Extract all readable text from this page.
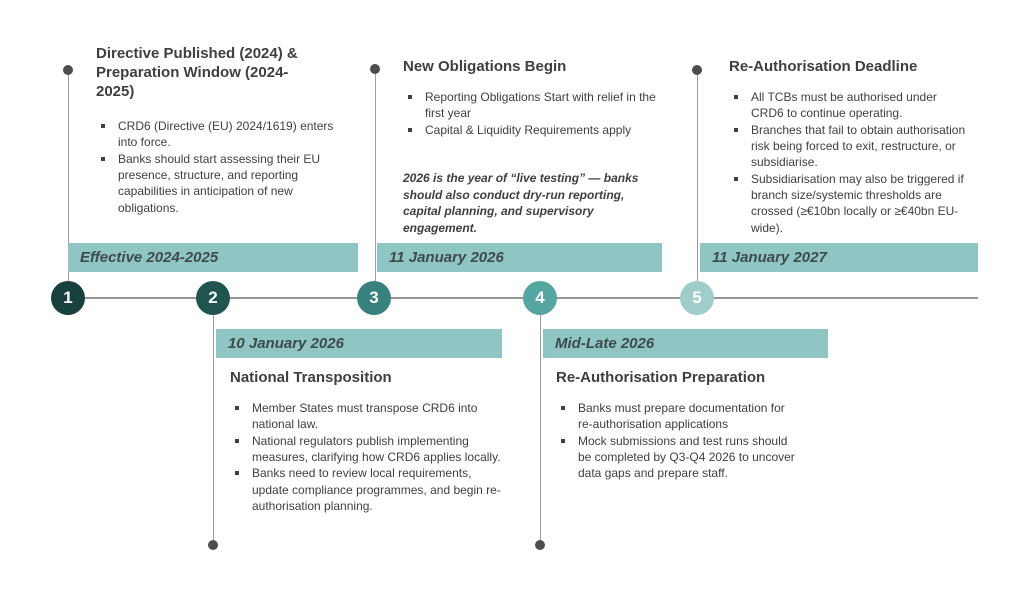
1	2	3	4	5
Directive Published (2024) & Preparation Window (2024-2025)
CRD6 (Directive (EU) 2024/1619) enters into force.
Banks should start assessing their EU presence, structure, and reporting capabilities in anticipation of new obligations.
Effective 2024-2025
10 January 2026
National Transposition
Member States must transpose CRD6 into national law.
National regulators publish implementing measures, clarifying how CRD6 applies locally.
Banks need to review local requirements, update compliance programmes, and begin re-authorisation planning.
New Obligations Begin
Reporting Obligations Start with relief in the first year
Capital & Liquidity Requirements apply
2026 is the year of “live testing” — banks should also conduct dry-run reporting, capital planning, and supervisory engagement.
11 January 2026
Mid-Late 2026
Re-Authorisation Preparation
Banks must prepare documentation for re-authorisation applications
Mock submissions and test runs should be completed by Q3-Q4 2026 to uncover data gaps and prepare staff.
Re-Authorisation Deadline
All TCBs must be authorised under CRD6 to continue operating.
Branches that fail to obtain authorisation risk being forced to exit, restructure, or subsidiarise.
Subsidiarisation may also be triggered if branch size/systemic thresholds are crossed (≥€10bn locally or ≥€40bn EU-wide).
11 January 2027
